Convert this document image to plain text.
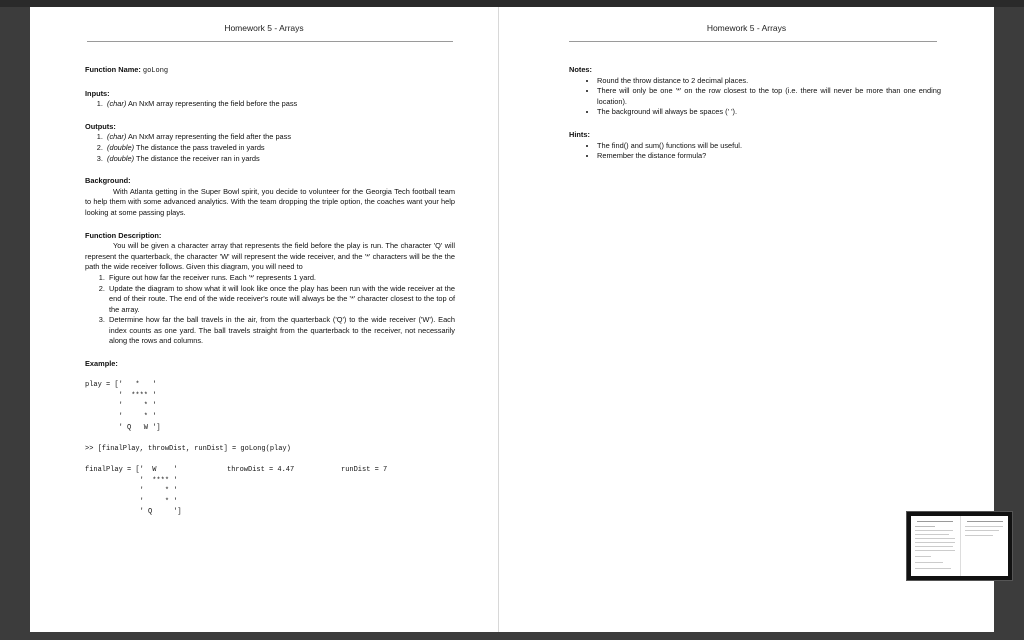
Homework 5 - Arrays
Function Name: goLong
Inputs:
1. (char) An NxM array representing the field before the pass
Outputs:
1. (char) An NxM array representing the field after the pass
2. (double) The distance the pass traveled in yards
3. (double) The distance the receiver ran in yards
Background:
With Atlanta getting in the Super Bowl spirit, you decide to volunteer for the Georgia Tech football team to help them with some advanced analytics. With the team dropping the triple option, the coaches want your help looking at some passing plays.
Function Description:
You will be given a character array that represents the field before the play is run. The character 'Q' will represent the quarterback, the character 'W' will represent the wide receiver, and the '*' characters will be the the path the wide receiver follows. Given this diagram, you will need to
1. Figure out how far the receiver runs. Each '*' represents 1 yard.
2. Update the diagram to show what it will look like once the play has been run with the wide receiver at the end of their route. The end of the wide receiver's route will always be the '*' character closest to the top of the array.
3. Determine how far the ball travels in the air, from the quarterback ('Q') to the wide receiver ('W'). Each index counts as one yard. The ball travels straight from the quarterback to the receiver, not necessarily along the rows and columns.
Example:
play = ['   *   '
'  **** '
'     * '
'     * '
' Q   W ']
>> [finalPlay, throwDist, runDist] = goLong(play)
finalPlay = ['  W    '
'  **** '
'     * '
'     * '
' Q     ']
throwDist = 4.47	runDist = 7
Homework 5 - Arrays
Notes:
• Round the throw distance to 2 decimal places.
• There will only be one '*' on the row closest to the top (i.e. there will never be more than one ending location).
• The background will always be spaces (' ').
Hints:
• The find() and sum() functions will be useful.
• Remember the distance formula?
